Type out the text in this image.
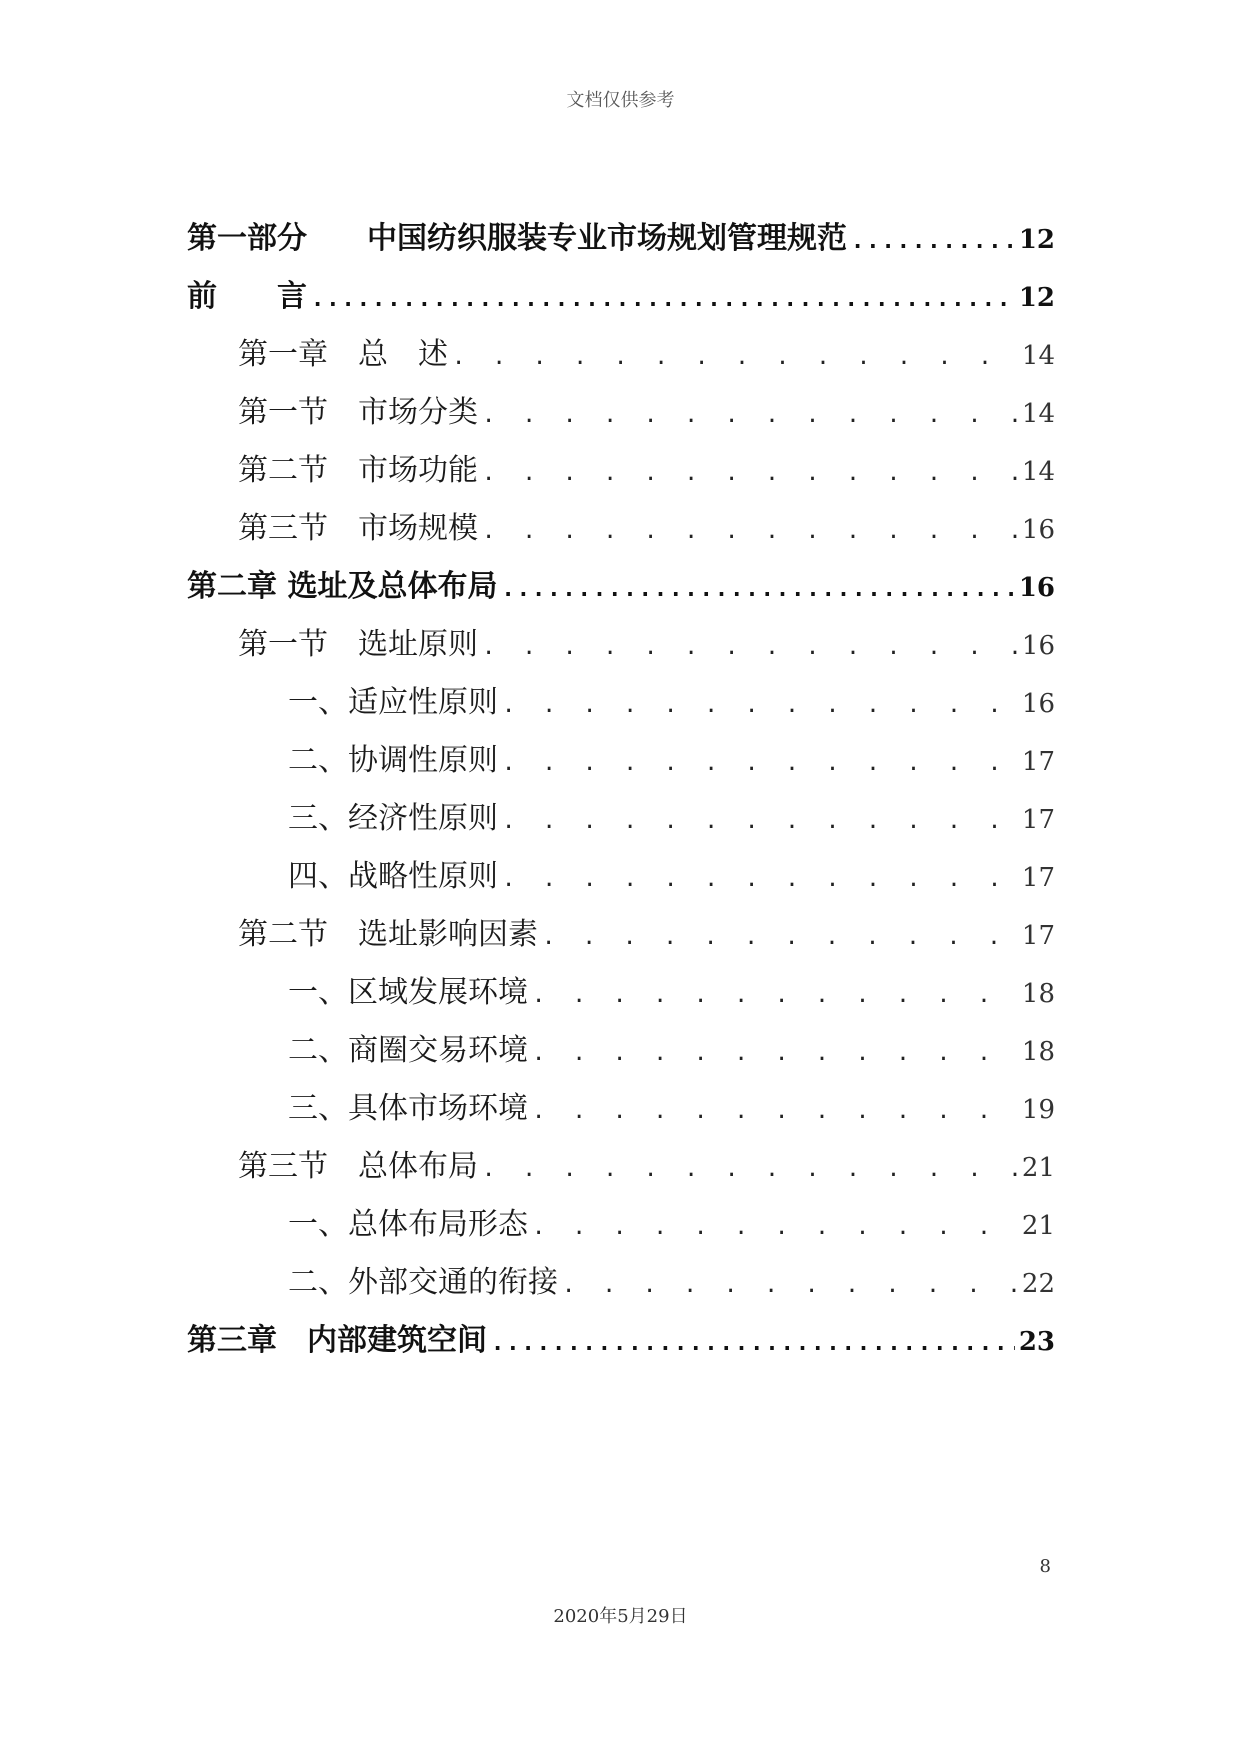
文档仅供参考
第一部分　　中国纺织服装专业市场规划管理规范 .....	12
前　　言 .....	12
第一章　总　述 . . .	14
第一节　市场分类 . . .	14
第二节　市场功能 . . .	14
第三节　市场规模 . . .	16
第二章 选址及总体布局 .....	16
第一节　选址原则 . . .	16
一、适应性原则 . . .	16
二、协调性原则 . . .	17
三、经济性原则 . . .	17
四、战略性原则 . . .	17
第二节　选址影响因素 . . .	17
一、区域发展环境 . . .	18
二、商圈交易环境 . . .	18
三、具体市场环境 . . .	19
第三节　总体布局 . . .	21
一、总体布局形态 . . .	21
二、外部交通的衔接 . . .	22
第三章　内部建筑空间 .....	23
8
2020年5月29日
